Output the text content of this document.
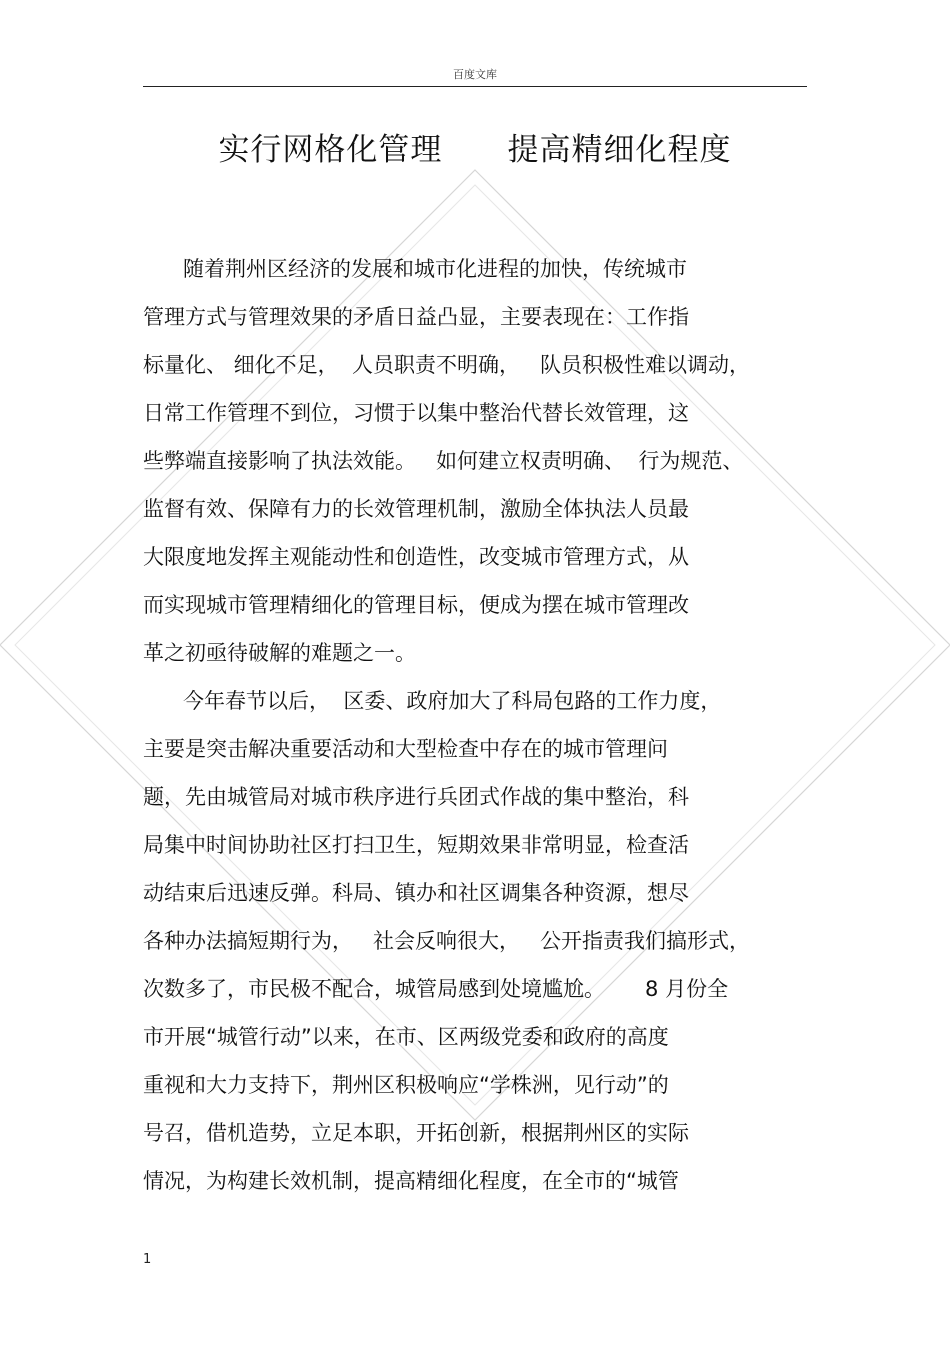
百度文库
实行网格化管理      提高精细化程度
随着荆州区经济的发展和城市化进程的加快，传统城市
管理方式与管理效果的矛盾日益凸显，主要表现在：工作指
标量化、 细化不足，  人员职责不明确，   队员积极性难以调动，
日常工作管理不到位，习惯于以集中整治代替长效管理，这
些弊端直接影响了执法效能。   如何建立权责明确、  行为规范、
监督有效、保障有力的长效管理机制，激励全体执法人员最
大限度地发挥主观能动性和创造性，改变城市管理方式，从
而实现城市管理精细化的管理目标，便成为摆在城市管理改
革之初亟待破解的难题之一。
今年春节以后，  区委、政府加大了科局包路的工作力度，
主要是突击解决重要活动和大型检查中存在的城市管理问
题，先由城管局对城市秩序进行兵团式作战的集中整治，科
局集中时间协助社区打扫卫生，短期效果非常明显，检查活
动结束后迅速反弹。科局、镇办和社区调集各种资源，想尽
各种办法搞短期行为，   社会反响很大，   公开指责我们搞形式，
次数多了，市民极不配合，城管局感到处境尴尬。      8 月份全
市开展“城管行动”以来，在市、区两级党委和政府的高度
重视和大力支持下，荆州区积极响应“学株洲，见行动”的
号召，借机造势，立足本职，开拓创新，根据荆州区的实际
情况，为构建长效机制，提高精细化程度，在全市的“城管
1
